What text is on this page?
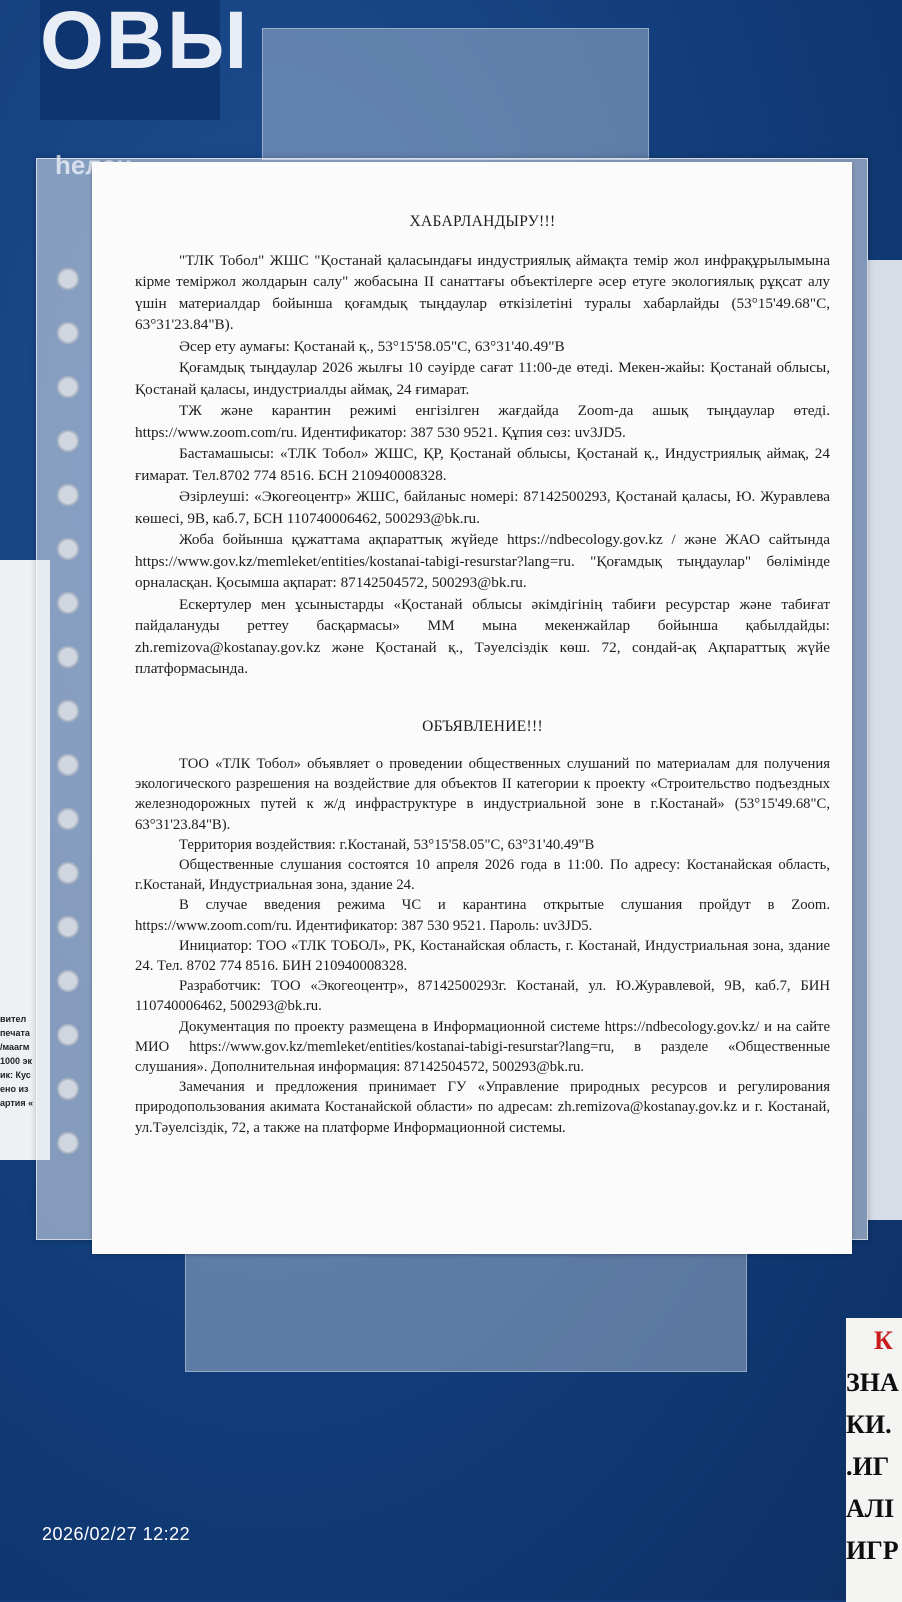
ОВЫ
вител
печата
/маагм
1000 эк
ик: Кус
ено из
артия «
К
ЗНА
КИ.
.ИГ
АЛІ
ИГР
ХАБАРЛАНДЫРУ!!!

"ТЛК Тобол" ЖШС "Қостанай қаласындағы индустриялық аймақта темір жол инфрақұрылымына кірме теміржол жолдарын салу" жобасына ІІ санаттағы объектілерге әсер етуге экологиялық рұқсат алу үшін материалдар бойынша қоғамдық тыңдаулар өткізілетіні туралы хабарлайды (53°15'49.68"С, 63°31'23.84"В).

Әсер ету аумағы: Қостанай қ., 53°15'58.05"С, 63°31'40.49"В

Қоғамдық тыңдаулар 2026 жылғы 10 сәуірде сағат 11:00-де өтеді. Мекен-жайы: Қостанай облысы, Қостанай қаласы, индустриалды аймақ, 24 ғимарат.

ТЖ және карантин режимі енгізілген жағдайда Zoom-да ашық тыңдаулар өтеді. https://www.zoom.com/ru. Идентификатор: 387 530 9521. Құпия сөз: uv3JD5.

Бастамашысы: «ТЛК Тобол» ЖШС, ҚР, Қостанай облысы, Қостанай қ., Индустриялық аймақ, 24 ғимарат. Тел.8702 774 8516. БСН 210940008328.

Әзірлеуші: «Экогеоцентр» ЖШС, байланыс номері: 87142500293, Қостанай қаласы, Ю. Журавлева көшесі, 9В, каб.7, БСН 110740006462, 500293@bk.ru.

Жоба бойынша құжаттама ақпараттық жүйеде https://ndbecology.gov.kz / және ЖАО сайтында https://www.gov.kz/memleket/entities/kostanai-tabigi-resurstar?lang=ru. "Қоғамдық тыңдаулар" бөлімінде орналасқан. Қосымша ақпарат: 87142504572, 500293@bk.ru.

Ескертулер мен ұсыныстарды «Қостанай облысы әкімдігінің табиғи ресурстар және табиғат пайдалануды реттеу басқармасы» ММ мына мекенжайлар бойынша қабылдайды: zh.remizova@kostanay.gov.kz және Қостанай қ., Тәуелсіздік көш. 72, сондай-ақ Ақпараттық жүйе платформасында.

ОБЪЯВЛЕНИЕ!!!

ТОО «ТЛК Тобол» объявляет о проведении общественных слушаний по материалам для получения экологического разрешения на воздействие для объектов II категории к проекту «Строительство подъездных железнодорожных путей к ж/д инфраструктуре в индустриальной зоне в г.Костанай» (53°15'49.68"С, 63°31'23.84"В).

Территория воздействия: г.Костанай, 53°15'58.05"С, 63°31'40.49"В

Общественные слушания состоятся 10 апреля 2026 года в 11:00. По адресу: Костанайская область, г.Костанай, Индустриальная зона, здание 24.

В случае введения режима ЧС и карантина открытые слушания пройдут в Zoom. https://www.zoom.com/ru. Идентификатор: 387 530 9521. Пароль: uv3JD5.

Инициатор: ТОО «ТЛК ТОБОЛ», РК, Костанайская область, г. Костанай, Индустриальная зона, здание 24. Тел. 8702 774 8516. БИН 210940008328.

Разработчик: ТОО «Экогеоцентр», 87142500293г. Костанай, ул. Ю.Журавлевой, 9В, каб.7, БИН 110740006462, 500293@bk.ru.

Документация по проекту размещена в Информационной системе https://ndbecology.gov.kz/ и на сайте МИО https://www.gov.kz/memleket/entities/kostanai-tabigi-resurstar?lang=ru, в разделе «Общественные слушания». Дополнительная информация: 87142504572, 500293@bk.ru.

Замечания и предложения принимает ГУ «Управление природных ресурсов и регулирования природопользования акимата Костанайской области» по адресам: zh.remizova@kostanay.gov.kz и г. Костанай, ул.Тәуелсіздік, 72, а также на платформе Информационной системы.

2026/02/27 12:22
